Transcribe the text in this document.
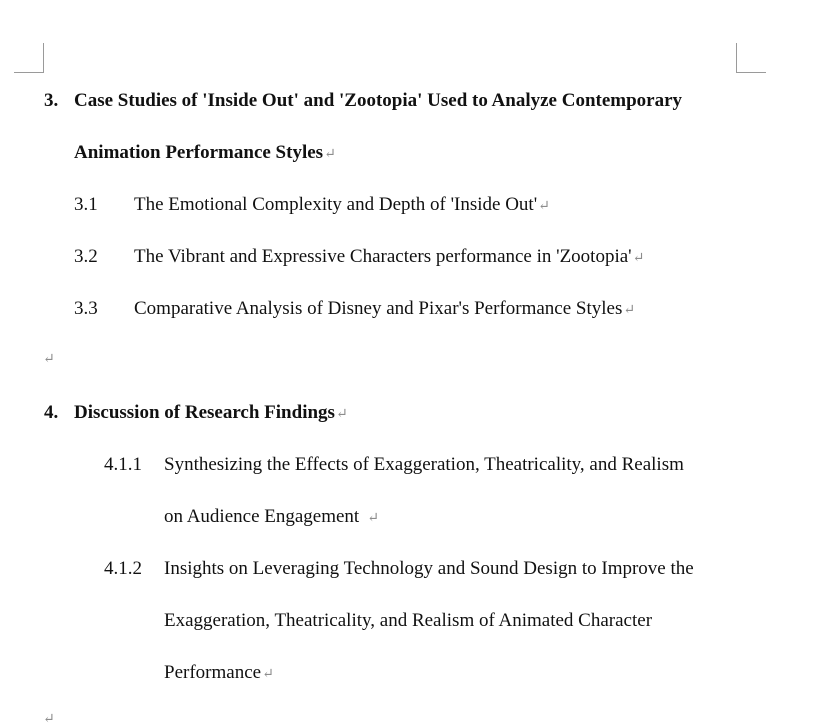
3. Case Studies of 'Inside Out' and 'Zootopia' Used to Analyze Contemporary
Animation Performance Styles↵
3.1 The Emotional Complexity and Depth of 'Inside Out'↵
3.2 The Vibrant and Expressive Characters performance in 'Zootopia'↵
3.3 Comparative Analysis of Disney and Pixar's Performance Styles↵
↵
4. Discussion of Research Findings↵
4.1.1 Synthesizing the Effects of Exaggeration, Theatricality, and Realism
on Audience Engagement ↵
4.1.2 Insights on Leveraging Technology and Sound Design to Improve the
Exaggeration, Theatricality, and Realism of Animated Character
Performance↵
↵
